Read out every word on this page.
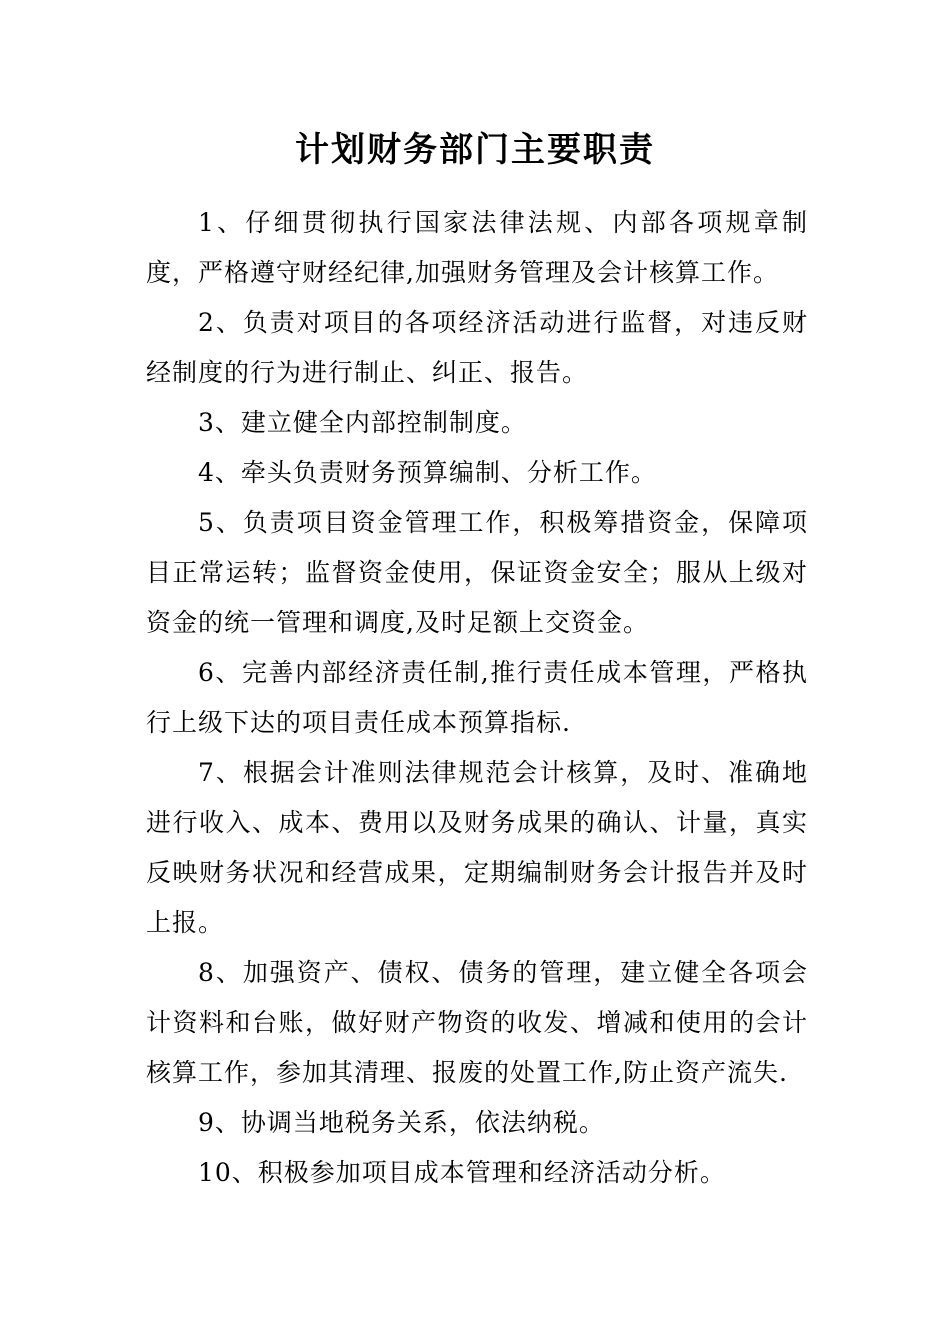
计划财务部门主要职责

1、仔细贯彻执行国家法律法规、内部各项规章制度，严格遵守财经纪律,加强财务管理及会计核算工作。

2、负责对项目的各项经济活动进行监督，对违反财经制度的行为进行制止、纠正、报告。

3、建立健全内部控制制度。

4、牵头负责财务预算编制、分析工作。

5、负责项目资金管理工作，积极筹措资金，保障项目正常运转；监督资金使用，保证资金安全；服从上级对资金的统一管理和调度,及时足额上交资金。

6、完善内部经济责任制,推行责任成本管理，严格执行上级下达的项目责任成本预算指标.

7、根据会计准则法律规范会计核算，及时、准确地进行收入、成本、费用以及财务成果的确认、计量，真实反映财务状况和经营成果，定期编制财务会计报告并及时上报。

8、加强资产、债权、债务的管理，建立健全各项会计资料和台账，做好财产物资的收发、增减和使用的会计核算工作，参加其清理、报废的处置工作,防止资产流失.

9、协调当地税务关系，依法纳税。

10、积极参加项目成本管理和经济活动分析。
